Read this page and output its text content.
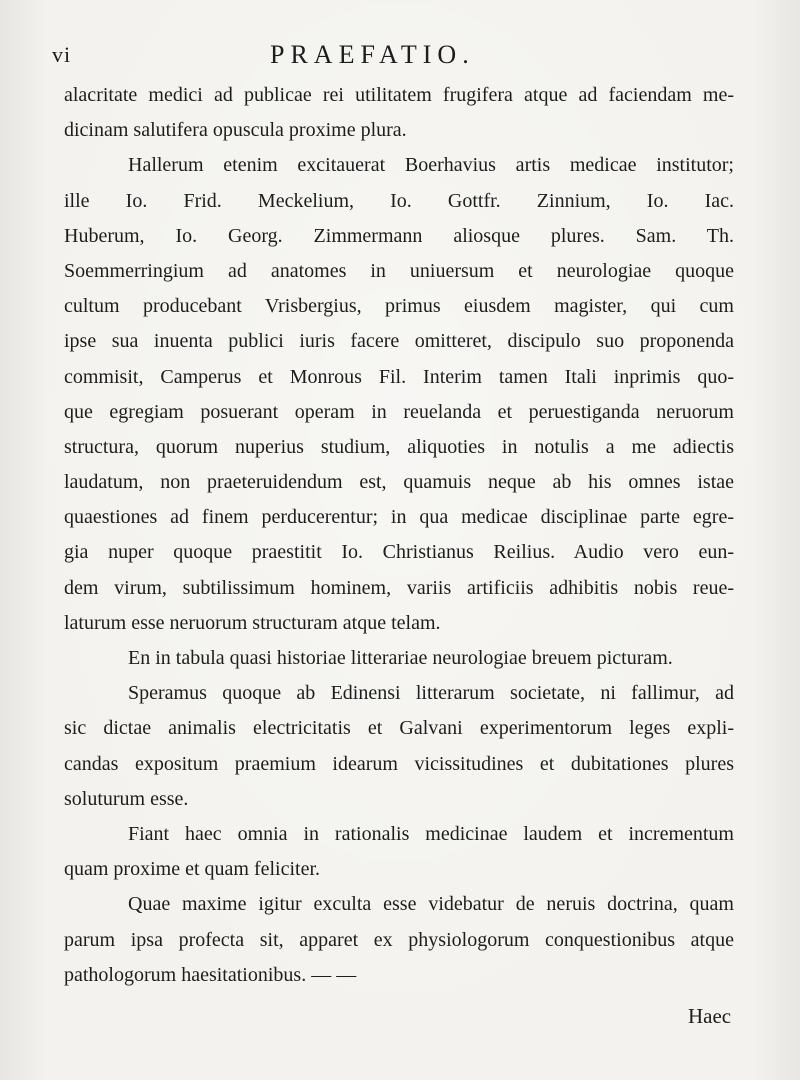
vi	PRAEFATIO.
alacritate medici ad publicae rei utilitatem frugifera atque ad faciendam me-
dicinam salutifera opuscula proxime plura.
Hallerum etenim excitauerat Boerhavius artis medicae institutor;
ille Io. Frid. Meckelium, Io. Gottfr. Zinnium, Io. Iac.
Huberum, Io. Georg. Zimmermann aliosque plures. Sam. Th.
Soemmerringium ad anatomes in uniuersum et neurologiae quoque
cultum producebant Vrisbergius, primus eiusdem magister, qui cum
ipse sua inuenta publici iuris facere omitteret, discipulo suo proponenda
commisit, Camperus et Monrous Fil. Interim tamen Itali inprimis quo-
que egregiam posuerant operam in reuelanda et peruestiganda neruorum
structura, quorum nuperius studium, aliquoties in notulis a me adiectis
laudatum, non praeteruidendum est, quamuis neque ab his omnes istae
quaestiones ad finem perducerentur; in qua medicae disciplinae parte egre-
gia nuper quoque praestitit Io. Christianus Reilius. Audio vero eun-
dem virum, subtilissimum hominem, variis artificiis adhibitis nobis reue-
laturum esse neruorum structuram atque telam.
En in tabula quasi historiae litterariae neurologiae breuem picturam.
Speramus quoque ab Edinensi litterarum societate, ni fallimur, ad
sic dictae animalis electricitatis et Galvani experimentorum leges expli-
candas expositum praemium idearum vicissitudines et dubitationes plures
soluturum esse.
Fiant haec omnia in rationalis medicinae laudem et incrementum
quam proxime et quam feliciter.
Quae maxime igitur exculta esse videbatur de neruis doctrina, quam
parum ipsa profecta sit, apparet ex physiologorum conquestionibus atque
pathologorum haesitationibus. — —
Haec
